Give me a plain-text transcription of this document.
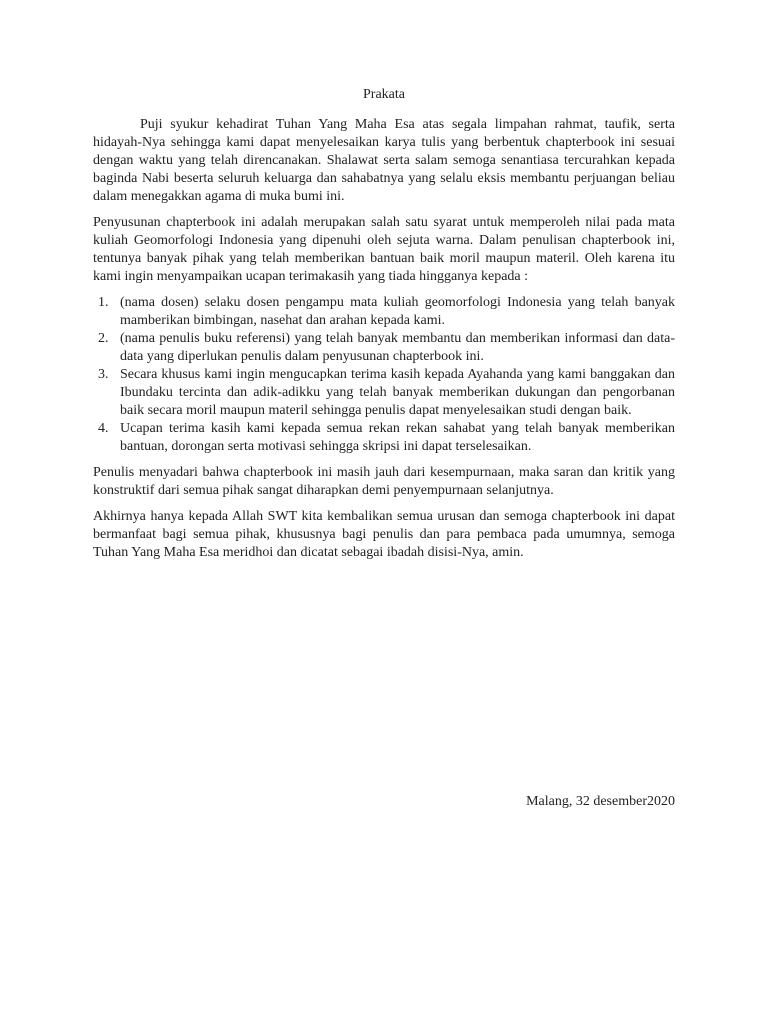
Prakata

Puji syukur kehadirat Tuhan Yang Maha Esa atas segala limpahan rahmat, taufik, serta hidayah-Nya sehingga kami dapat menyelesaikan karya tulis yang berbentuk chapterbook ini sesuai dengan waktu yang telah direncanakan. Shalawat serta salam semoga senantiasa tercurahkan kepada baginda Nabi beserta seluruh keluarga dan sahabatnya yang selalu eksis membantu perjuangan beliau dalam menegakkan agama di muka bumi ini.

Penyusunan chapterbook ini adalah merupakan salah satu syarat untuk memperoleh nilai pada mata kuliah Geomorfologi Indonesia yang dipenuhi oleh sejuta warna. Dalam penulisan chapterbook ini, tentunya banyak pihak yang telah memberikan bantuan baik moril maupun materil. Oleh karena itu kami ingin menyampaikan ucapan terimakasih yang tiada hingganya kepada :

1. (nama dosen) selaku dosen pengampu mata kuliah geomorfologi Indonesia yang telah banyak mamberikan bimbingan, nasehat dan arahan kepada kami.
2. (nama penulis buku referensi) yang telah banyak membantu dan memberikan informasi dan data-data yang diperlukan penulis dalam penyusunan chapterbook ini.
3. Secara khusus kami ingin mengucapkan terima kasih kepada Ayahanda yang kami banggakan dan Ibundaku tercinta dan adik-adikku yang telah banyak memberikan dukungan dan pengorbanan baik secara moril maupun materil sehingga penulis dapat menyelesaikan studi dengan baik.
4. Ucapan terima kasih kami kepada semua rekan rekan sahabat yang telah banyak memberikan bantuan, dorongan serta motivasi sehingga skripsi ini dapat terselesaikan.

Penulis menyadari bahwa chapterbook ini masih jauh dari kesempurnaan, maka saran dan kritik yang konstruktif dari semua pihak sangat diharapkan demi penyempurnaan selanjutnya.

Akhirnya hanya kepada Allah SWT kita kembalikan semua urusan dan semoga chapterbook ini dapat bermanfaat bagi semua pihak, khususnya bagi penulis dan para pembaca pada umumnya, semoga Tuhan Yang Maha Esa meridhoi dan dicatat sebagai ibadah disisi-Nya, amin.

Malang, 32 desember2020
